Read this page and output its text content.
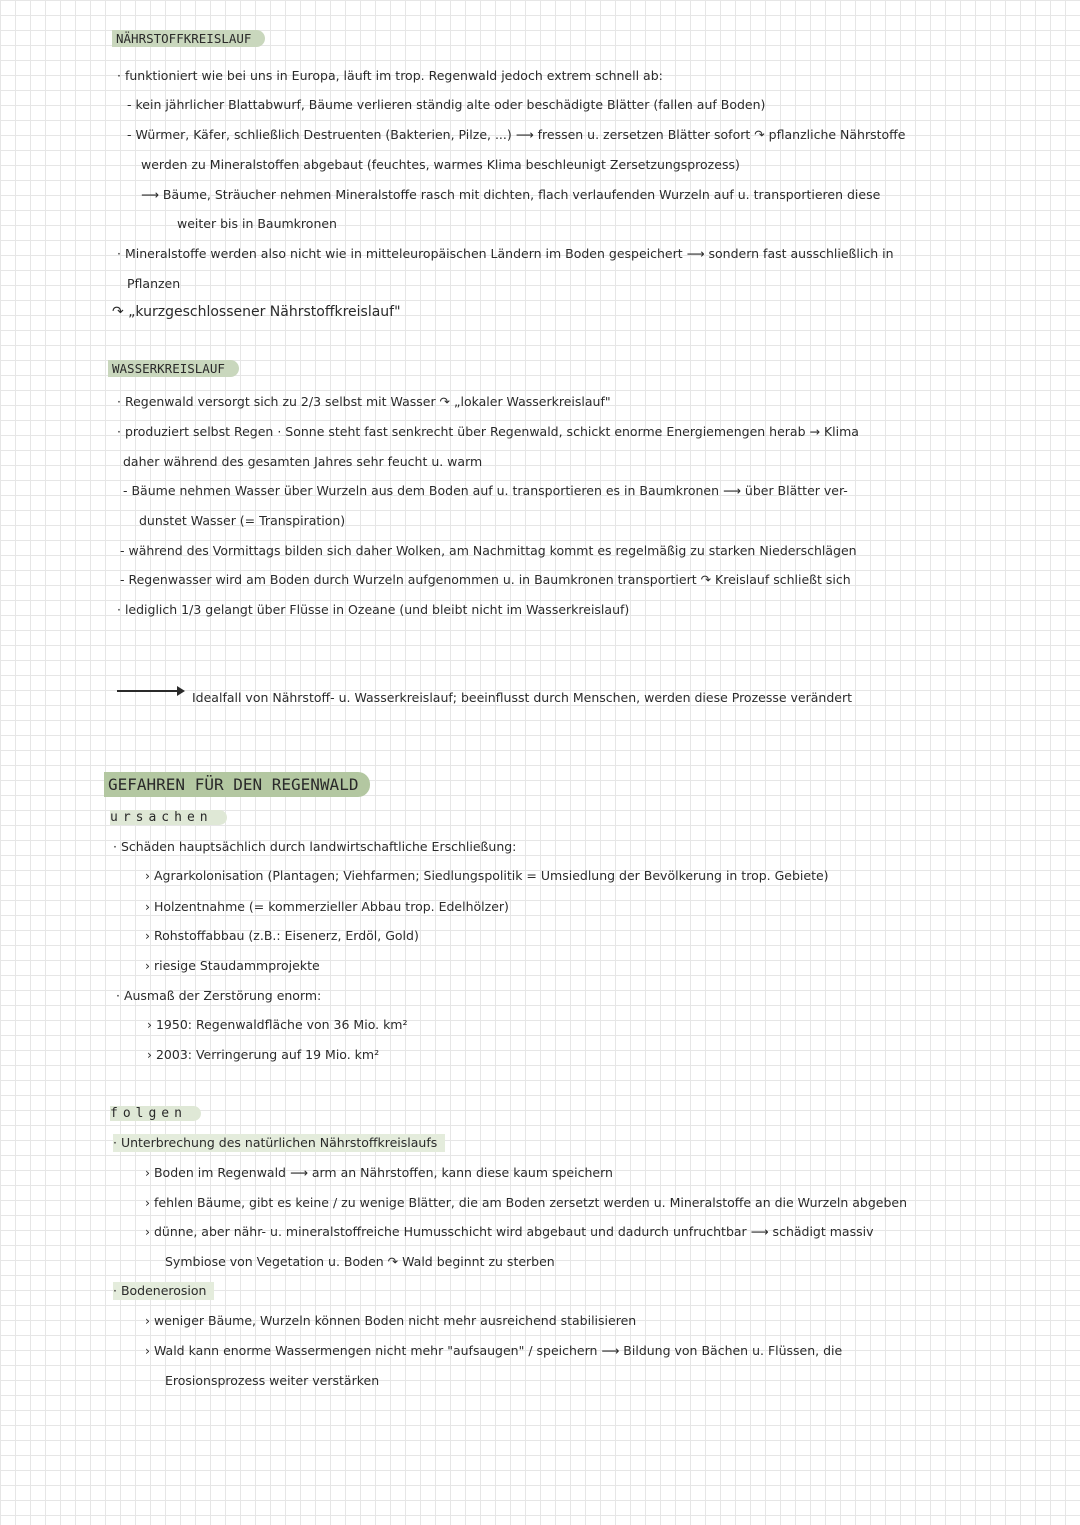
NÄHRSTOFFKREISLAUF
· funktioniert wie bei uns in Europa, läuft im trop. Regenwald jedoch extrem schnell ab:
- kein jährlicher Blattabwurf, Bäume verlieren ständig alte oder beschädigte Blätter (fallen auf Boden)
- Würmer, Käfer, schließlich Destruenten (Bakterien, Pilze, ...) ⟶ fressen u. zersetzen Blätter sofort ↷ pflanzliche Nährstoffe
werden zu Mineralstoffen abgebaut (feuchtes, warmes Klima beschleunigt Zersetzungsprozess)
⟶ Bäume, Sträucher nehmen Mineralstoffe rasch mit dichten, flach verlaufenden Wurzeln auf u. transportieren diese
weiter bis in Baumkronen
· Mineralstoffe werden also nicht wie in mitteleuropäischen Ländern im Boden gespeichert ⟶ sondern fast ausschließlich in
Pflanzen
↷ „kurzgeschlossener Nährstoffkreislauf"
WASSERKREISLAUF
· Regenwald versorgt sich zu 2/3 selbst mit Wasser ↷ „lokaler Wasserkreislauf"
· produziert selbst Regen · Sonne steht fast senkrecht über Regenwald, schickt enorme Energiemengen herab → Klima
daher während des gesamten Jahres sehr feucht u. warm
- Bäume nehmen Wasser über Wurzeln aus dem Boden auf u. transportieren es in Baumkronen ⟶ über Blätter ver-
dunstet Wasser (= Transpiration)
- während des Vormittags bilden sich daher Wolken, am Nachmittag kommt es regelmäßig zu starken Niederschlägen
- Regenwasser wird am Boden durch Wurzeln aufgenommen u. in Baumkronen transportiert ↷ Kreislauf schließt sich
· lediglich 1/3 gelangt über Flüsse in Ozeane (und bleibt nicht im Wasserkreislauf)
Idealfall von Nährstoff- u. Wasserkreislauf; beeinflusst durch Menschen, werden diese Prozesse verändert
GEFAHREN FÜR DEN REGENWALD
ursachen
· Schäden hauptsächlich durch landwirtschaftliche Erschließung:
› Agrarkolonisation (Plantagen; Viehfarmen; Siedlungspolitik = Umsiedlung der Bevölkerung in trop. Gebiete)
› Holzentnahme (= kommerzieller Abbau trop. Edelhölzer)
› Rohstoffabbau (z.B.: Eisenerz, Erdöl, Gold)
› riesige Staudammprojekte
· Ausmaß der Zerstörung enorm:
› 1950: Regenwaldfläche von 36 Mio. km²
› 2003: Verringerung auf 19 Mio. km²
folgen
· Unterbrechung des natürlichen Nährstoffkreislaufs
› Boden im Regenwald ⟶ arm an Nährstoffen, kann diese kaum speichern
› fehlen Bäume, gibt es keine / zu wenige Blätter, die am Boden zersetzt werden u. Mineralstoffe an die Wurzeln abgeben
› dünne, aber nähr- u. mineralstoffreiche Humusschicht wird abgebaut und dadurch unfruchtbar ⟶ schädigt massiv
Symbiose von Vegetation u. Boden ↷ Wald beginnt zu sterben
· Bodenerosion
› weniger Bäume, Wurzeln können Boden nicht mehr ausreichend stabilisieren
› Wald kann enorme Wassermengen nicht mehr "aufsaugen" / speichern ⟶ Bildung von Bächen u. Flüssen, die
Erosionsprozess weiter verstärken
